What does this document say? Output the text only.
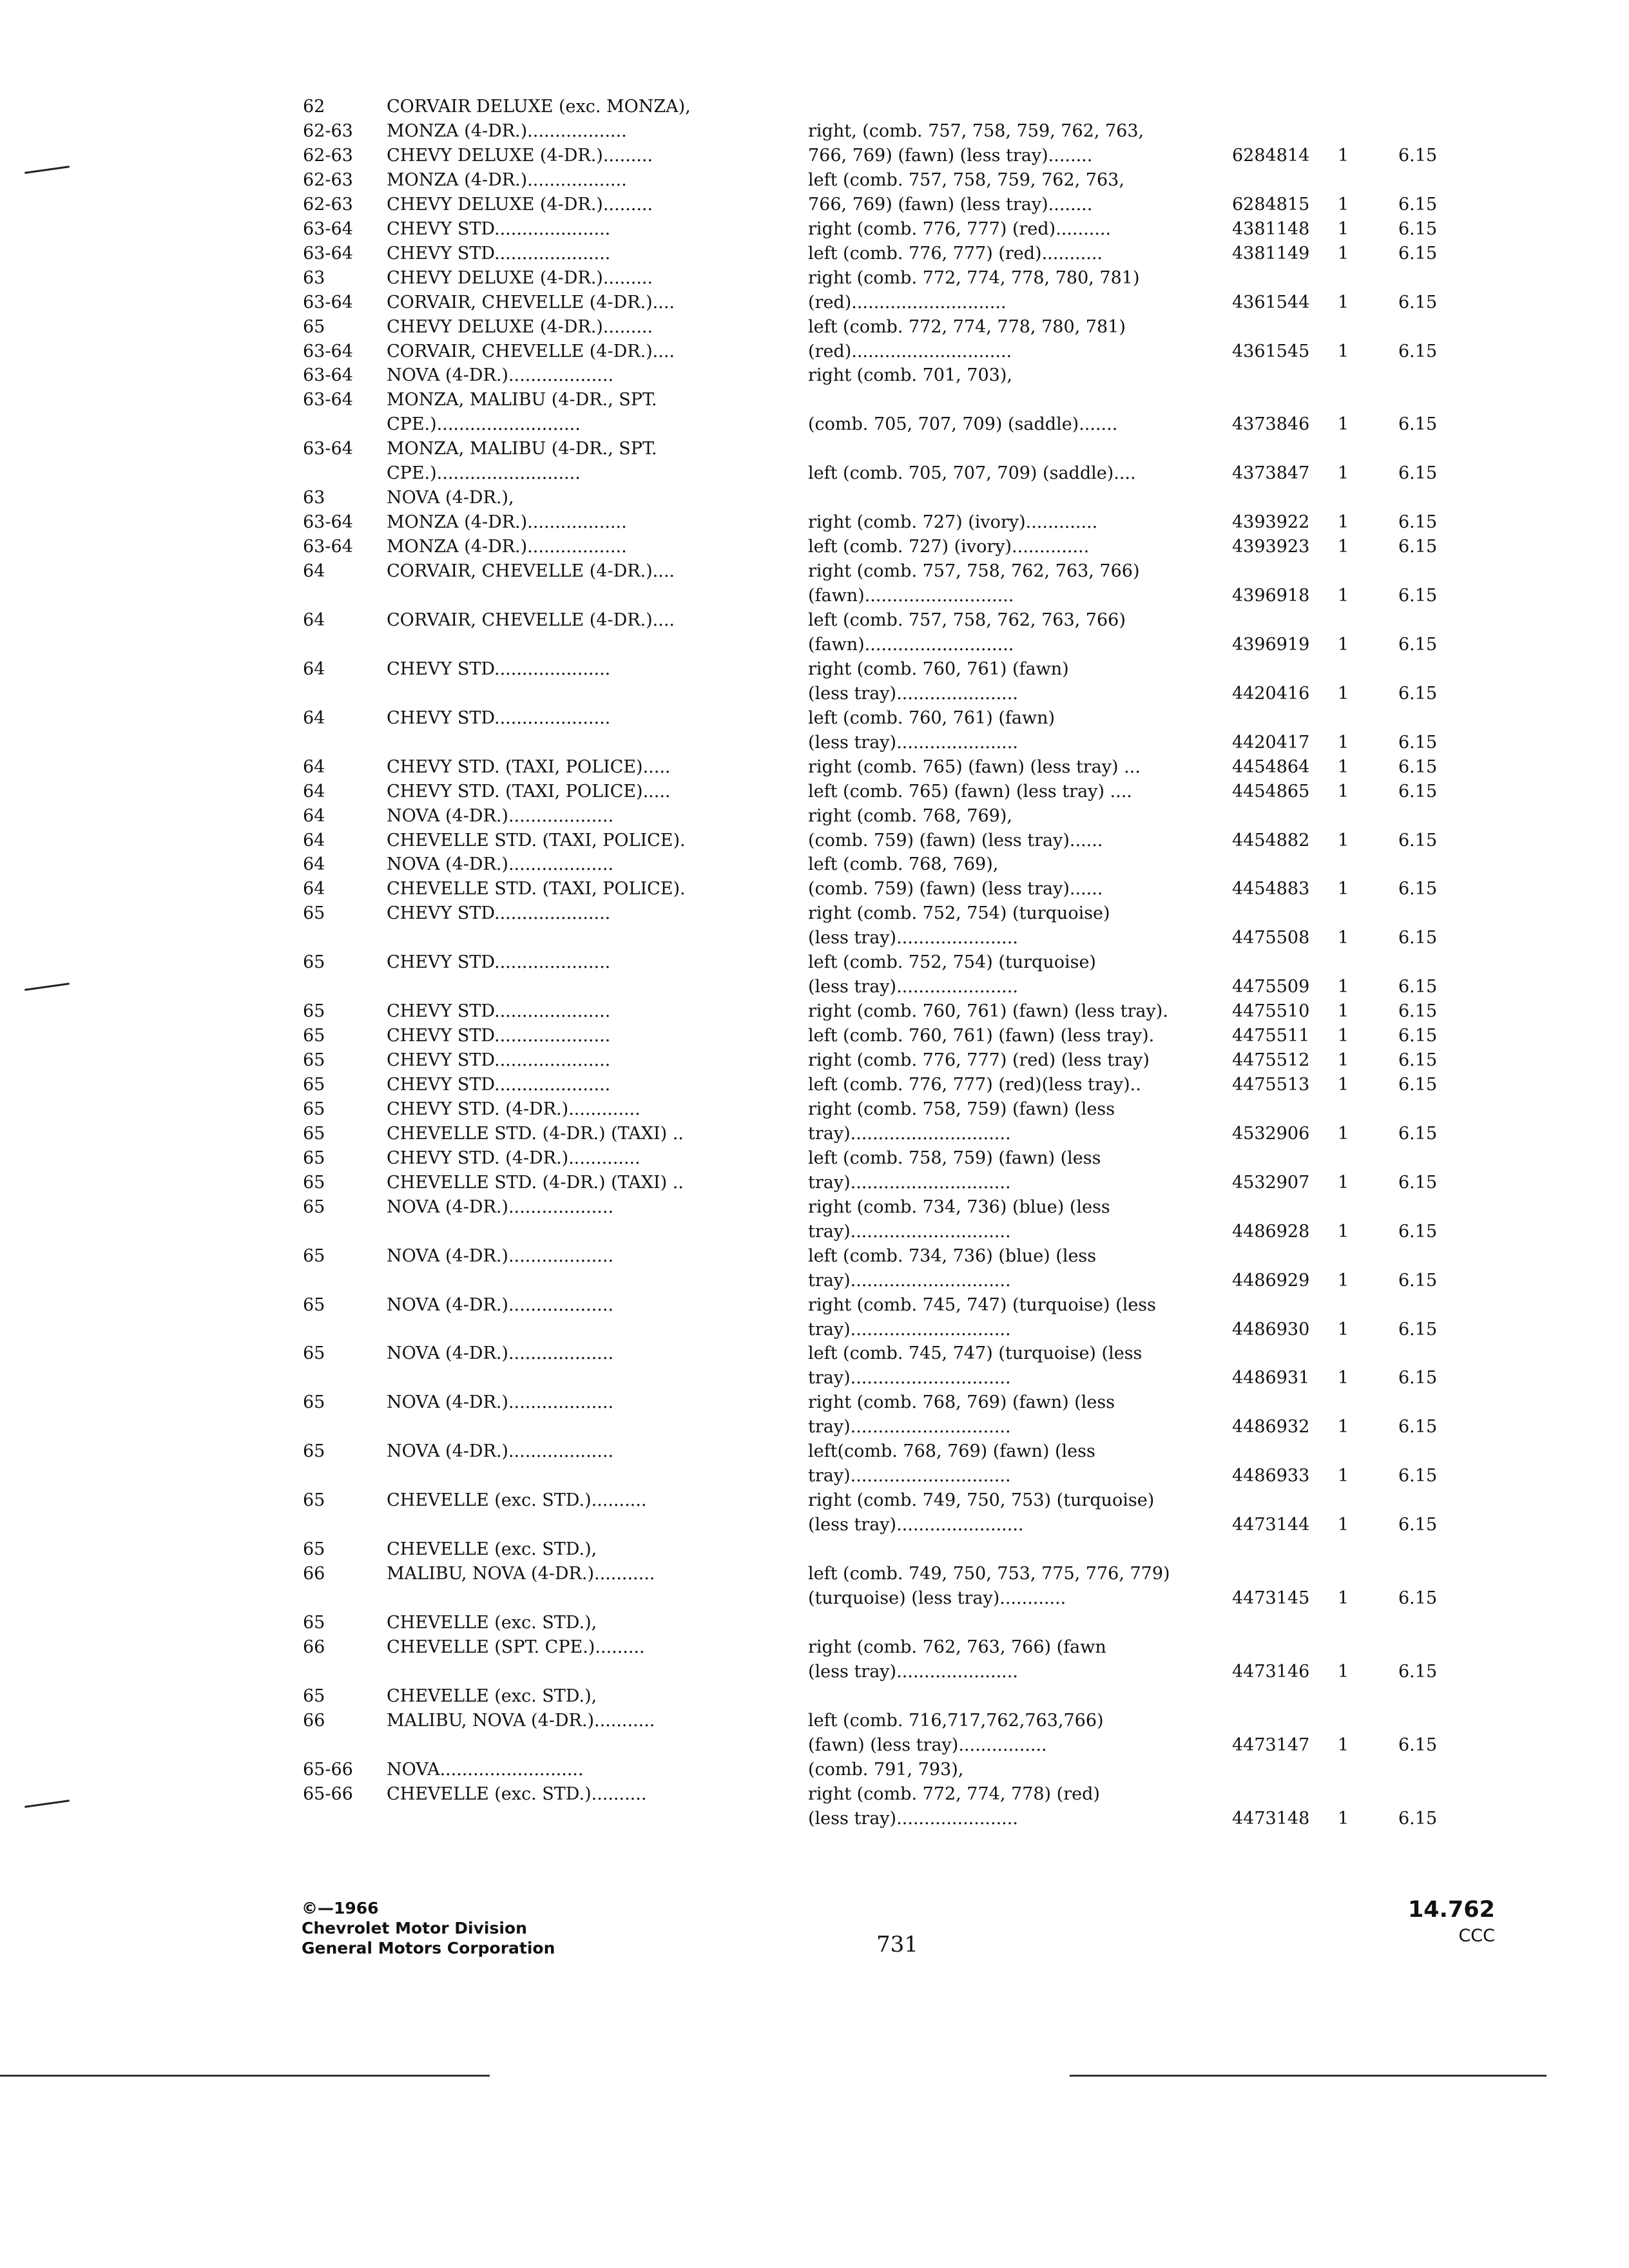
62	CORVAIR DELUXE (exc. MONZA),
62-63	MONZA (4-DR.)..................	right, (comb. 757, 758, 759, 762, 763,
62-63	CHEVY DELUXE (4-DR.).........	766, 769) (fawn) (less tray)........	6284814	1	6.15
62-63	MONZA (4-DR.)..................	left (comb. 757, 758, 759, 762, 763,
62-63	CHEVY DELUXE (4-DR.).........	766, 769) (fawn) (less tray)........	6284815	1	6.15
63-64	CHEVY STD.....................	right (comb. 776, 777) (red)..........	4381148	1	6.15
63-64	CHEVY STD.....................	left (comb. 776, 777) (red)...........	4381149	1	6.15
63	CHEVY DELUXE (4-DR.).........	right (comb. 772, 774, 778, 780, 781)
63-64	CORVAIR, CHEVELLE (4-DR.)....	(red)............................	4361544	1	6.15
65	CHEVY DELUXE (4-DR.).........	left (comb. 772, 774, 778, 780, 781)
63-64	CORVAIR, CHEVELLE (4-DR.)....	(red).............................	4361545	1	6.15
63-64	NOVA (4-DR.)...................	right (comb. 701, 703),
63-64	MONZA, MALIBU (4-DR., SPT.
CPE.)..........................	(comb. 705, 707, 709) (saddle).......	4373846	1	6.15
63-64	MONZA, MALIBU (4-DR., SPT.
CPE.)..........................	left (comb. 705, 707, 709) (saddle)....	4373847	1	6.15
63	NOVA (4-DR.),
63-64	MONZA (4-DR.)..................	right (comb. 727) (ivory).............	4393922	1	6.15
63-64	MONZA (4-DR.)..................	left (comb. 727) (ivory)..............	4393923	1	6.15
64	CORVAIR, CHEVELLE (4-DR.)....	right (comb. 757, 758, 762, 763, 766)
(fawn)...........................	4396918	1	6.15
64	CORVAIR, CHEVELLE (4-DR.)....	left (comb. 757, 758, 762, 763, 766)
(fawn)...........................	4396919	1	6.15
64	CHEVY STD.....................	right (comb. 760, 761) (fawn)
(less tray)......................	4420416	1	6.15
64	CHEVY STD.....................	left (comb. 760, 761) (fawn)
(less tray)......................	4420417	1	6.15
64	CHEVY STD. (TAXI, POLICE).....	right (comb. 765) (fawn) (less tray) ...	4454864	1	6.15
64	CHEVY STD. (TAXI, POLICE).....	left (comb. 765) (fawn) (less tray) ....	4454865	1	6.15
64	NOVA (4-DR.)...................	right (comb. 768, 769),
64	CHEVELLE STD. (TAXI, POLICE).	(comb. 759) (fawn) (less tray)......	4454882	1	6.15
64	NOVA (4-DR.)...................	left (comb. 768, 769),
64	CHEVELLE STD. (TAXI, POLICE).	(comb. 759) (fawn) (less tray)......	4454883	1	6.15
65	CHEVY STD.....................	right (comb. 752, 754) (turquoise)
(less tray)......................	4475508	1	6.15
65	CHEVY STD.....................	left (comb. 752, 754) (turquoise)
(less tray)......................	4475509	1	6.15
65	CHEVY STD.....................	right (comb. 760, 761) (fawn) (less tray).	4475510	1	6.15
65	CHEVY STD.....................	left (comb. 760, 761) (fawn) (less tray).	4475511	1	6.15
65	CHEVY STD.....................	right (comb. 776, 777) (red) (less tray)	4475512	1	6.15
65	CHEVY STD.....................	left (comb. 776, 777) (red)(less tray)..	4475513	1	6.15
65	CHEVY STD. (4-DR.).............	right (comb. 758, 759) (fawn) (less
65	CHEVELLE STD. (4-DR.) (TAXI) ..	tray).............................	4532906	1	6.15
65	CHEVY STD. (4-DR.).............	left (comb. 758, 759) (fawn) (less
65	CHEVELLE STD. (4-DR.) (TAXI) ..	tray).............................	4532907	1	6.15
65	NOVA (4-DR.)...................	right (comb. 734, 736) (blue) (less
tray).............................	4486928	1	6.15
65	NOVA (4-DR.)...................	left (comb. 734, 736) (blue) (less
tray).............................	4486929	1	6.15
65	NOVA (4-DR.)...................	right (comb. 745, 747) (turquoise) (less
tray).............................	4486930	1	6.15
65	NOVA (4-DR.)...................	left (comb. 745, 747) (turquoise) (less
tray).............................	4486931	1	6.15
65	NOVA (4-DR.)...................	right (comb. 768, 769) (fawn) (less
tray).............................	4486932	1	6.15
65	NOVA (4-DR.)...................	left(comb. 768, 769) (fawn) (less
tray).............................	4486933	1	6.15
65	CHEVELLE (exc. STD.)..........	right (comb. 749, 750, 753) (turquoise)
(less tray).......................	4473144	1	6.15
65	CHEVELLE (exc. STD.),
66	MALIBU, NOVA (4-DR.)...........	left (comb. 749, 750, 753, 775, 776, 779)
(turquoise) (less tray)............	4473145	1	6.15
65	CHEVELLE (exc. STD.),
66	CHEVELLE (SPT. CPE.).........	right (comb. 762, 763, 766) (fawn
(less tray)......................	4473146	1	6.15
65	CHEVELLE (exc. STD.),
66	MALIBU, NOVA (4-DR.)...........	left (comb. 716,717,762,763,766)
(fawn) (less tray)................	4473147	1	6.15
65-66	NOVA..........................	(comb. 791, 793),
65-66	CHEVELLE (exc. STD.)..........	right (comb. 772, 774, 778) (red)
(less tray)......................	4473148	1	6.15
©—1966
Chevrolet Motor Division
General Motors Corporation	731
14.762
CCC
